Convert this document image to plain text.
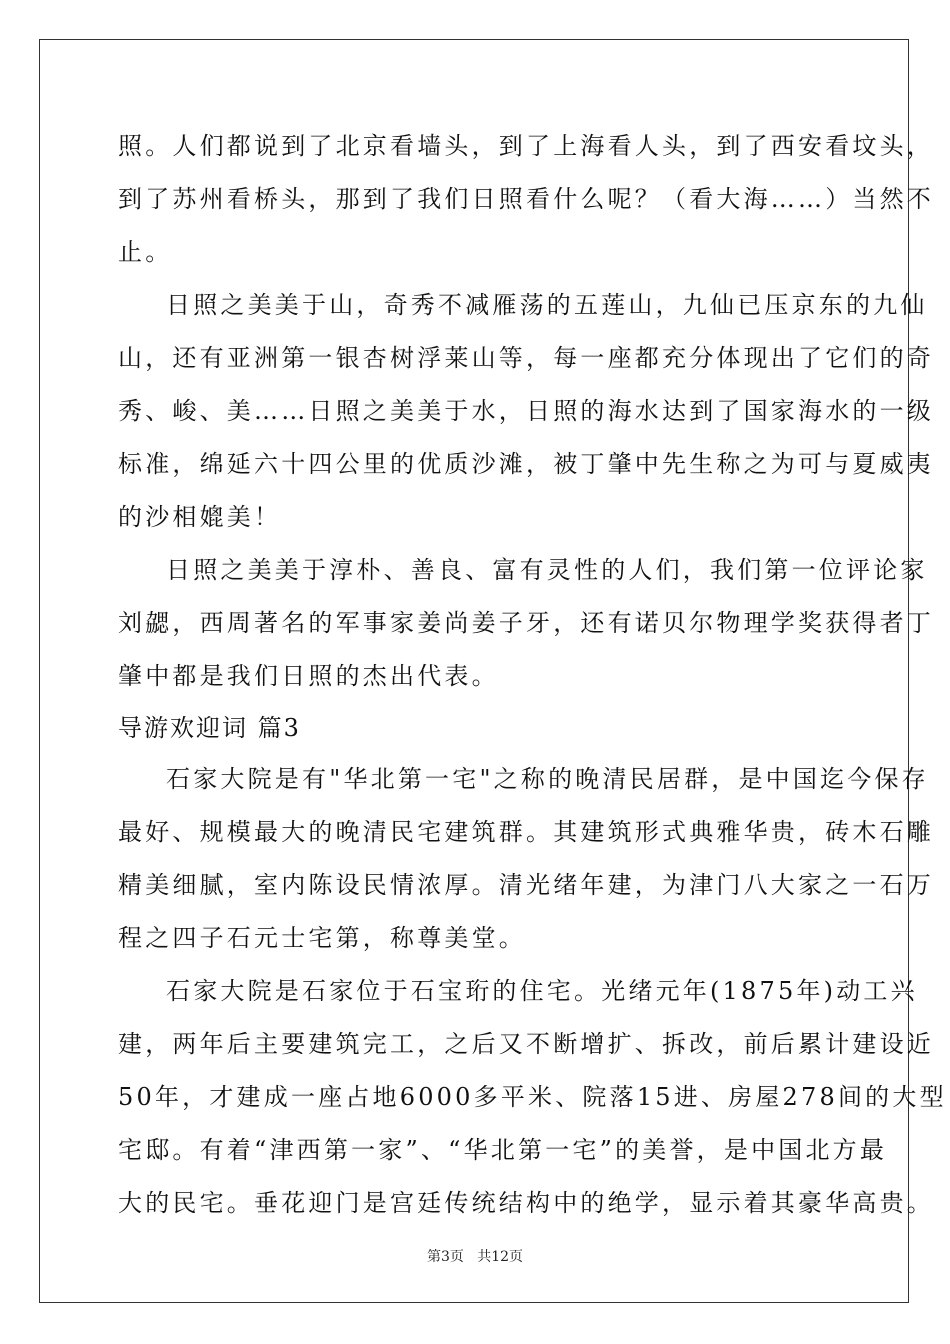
照。人们都说到了北京看墙头，到了上海看人头，到了西安看坟头，
到了苏州看桥头，那到了我们日照看什么呢？（看大海……）当然不
止。
日照之美美于山，奇秀不减雁荡的五莲山，九仙已压京东的九仙
山，还有亚洲第一银杏树浮莱山等，每一座都充分体现出了它们的奇
秀、峻、美……日照之美美于水，日照的海水达到了国家海水的一级
标准，绵延六十四公里的优质沙滩，被丁肇中先生称之为可与夏威夷
的沙相媲美！
日照之美美于淳朴、善良、富有灵性的人们，我们第一位评论家
刘勰，西周著名的军事家姜尚姜子牙，还有诺贝尔物理学奖获得者丁
肇中都是我们日照的杰出代表。
导游欢迎词 篇3
石家大院是有"华北第一宅"之称的晚清民居群，是中国迄今保存
最好、规模最大的晚清民宅建筑群。其建筑形式典雅华贵，砖木石雕
精美细腻，室内陈设民情浓厚。清光绪年建，为津门八大家之一石万
程之四子石元士宅第，称尊美堂。
石家大院是石家位于石宝珩的住宅。光绪元年(1875年)动工兴
建，两年后主要建筑完工，之后又不断增扩、拆改，前后累计建设近
50年，才建成一座占地6000多平米、院落15进、房屋278间的大型
宅邸。有着“津西第一家”、“华北第一宅”的美誉，是中国北方最
大的民宅。垂花迎门是宫廷传统结构中的绝学，显示着其豪华高贵。
第3页   共12页
